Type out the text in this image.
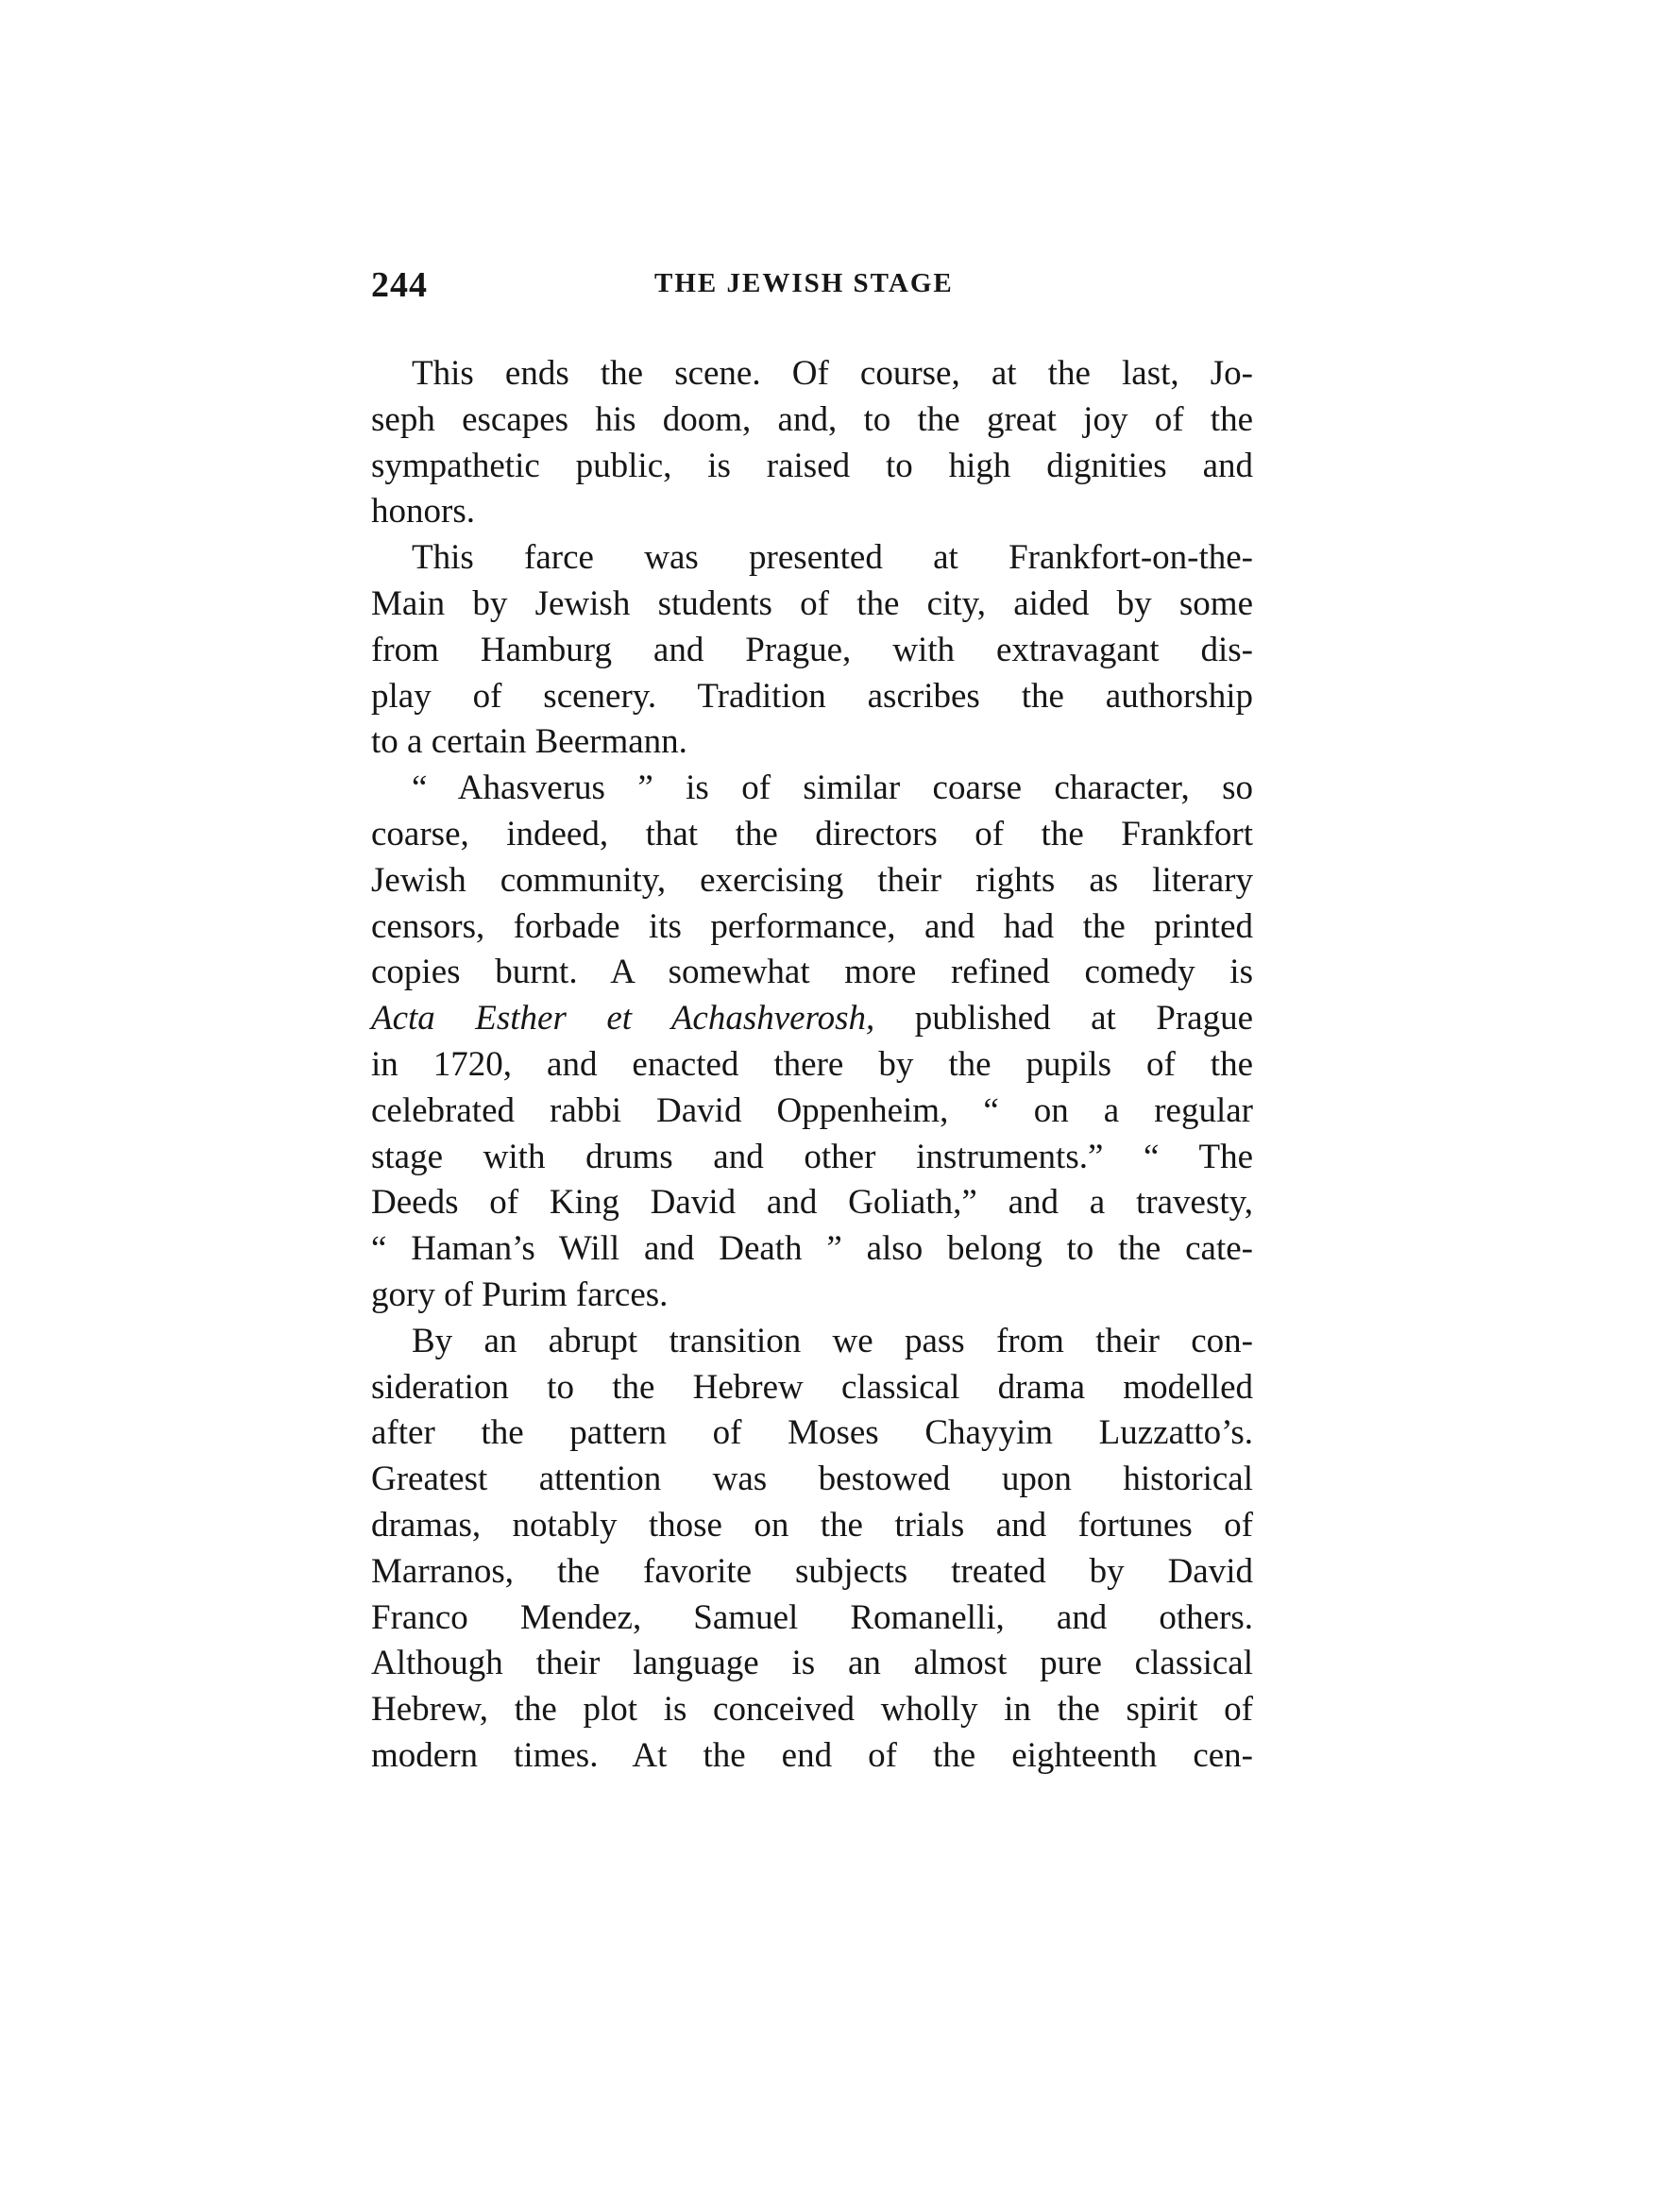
244	THE JEWISH STAGE
This ends the scene. Of course, at the last, Jo-
seph escapes his doom, and, to the great joy of the
sympathetic public, is raised to high dignities and
honors.
This farce was presented at Frankfort-on-the-
Main by Jewish students of the city, aided by some
from Hamburg and Prague, with extravagant dis-
play of scenery. Tradition ascribes the authorship
to a certain Beermann.
“ Ahasverus ” is of similar coarse character, so
coarse, indeed, that the directors of the Frankfort
Jewish community, exercising their rights as literary
censors, forbade its performance, and had the printed
copies burnt. A somewhat more refined comedy is
Acta Esther et Achashverosh, published at Prague
in 1720, and enacted there by the pupils of the
celebrated rabbi David Oppenheim, “ on a regular
stage with drums and other instruments.” “ The
Deeds of King David and Goliath,” and a travesty,
“ Haman’s Will and Death ” also belong to the cate-
gory of Purim farces.
By an abrupt transition we pass from their con-
sideration to the Hebrew classical drama modelled
after the pattern of Moses Chayyim Luzzatto’s.
Greatest attention was bestowed upon historical
dramas, notably those on the trials and fortunes of
Marranos, the favorite subjects treated by David
Franco Mendez, Samuel Romanelli, and others.
Although their language is an almost pure classical
Hebrew, the plot is conceived wholly in the spirit of
modern times. At the end of the eighteenth cen-
